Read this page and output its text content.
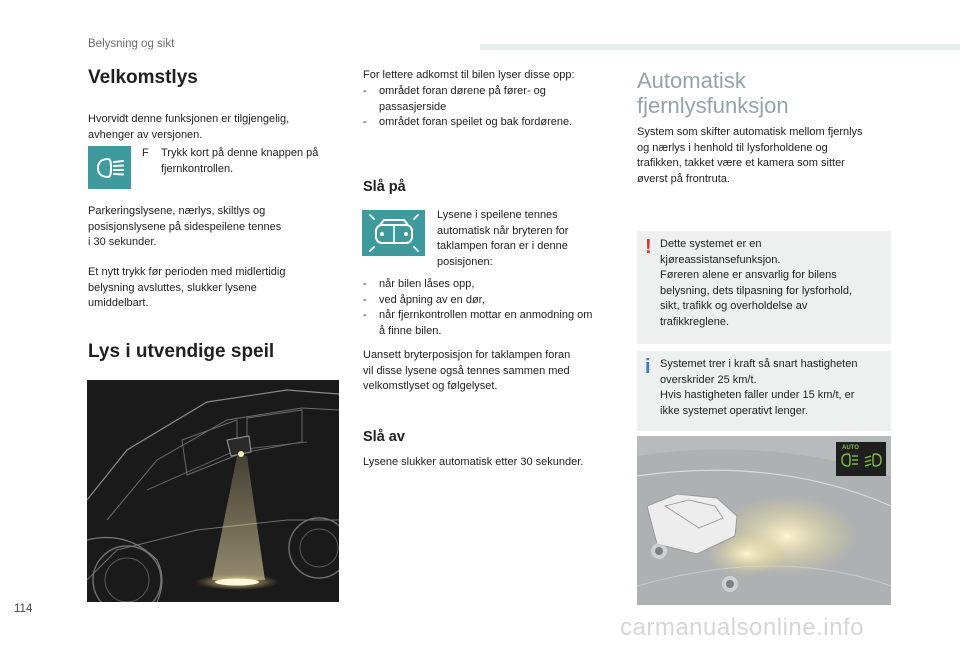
Belysning og sikt
Velkomstlys
Hvorvidt denne funksjonen er tilgjengelig,
avhenger av versjonen.
F Trykk kort på denne knappen på
fjernkontrollen.
Parkeringslysene, nærlys, skiltlys og
posisjonslysene på sidespeilene tennes
i 30 sekunder.
Et nytt trykk før perioden med midlertidig
belysning avsluttes, slukker lysene
umiddelbart.
Lys i utvendige speil
For lettere adkomst til bilen lyser disse opp:
-	området foran dørene på fører- og
passasjerside
-	området foran speilet og bak fordørene.
Slå på
Lysene i speilene tennes
automatisk når bryteren for
taklampen foran er i denne
posisjonen:
-	når bilen låses opp,
-	ved åpning av en dør,
-	når fjernkontrollen mottar en anmodning om
å finne bilen.
Uansett bryterposisjon for taklampen foran
vil disse lysene også tennes sammen med
velkomstlyset og følgelyset.
Slå av
Lysene slukker automatisk etter 30 sekunder.
Automatisk
fjernlysfunksjon
System som skifter automatisk mellom fjernlys
og nærlys i henhold til lysforholdene og
trafikken, takket være et kamera som sitter
øverst på frontruta.
! Dette systemet er en
kjøreassistansefunksjon.
Føreren alene er ansvarlig for bilens
belysning, dets tilpasning for lysforhold,
sikt, trafikk og overholdelse av
trafikkreglene.
i Systemet trer i kraft så snart hastigheten
overskrider 25 km/t.
Hvis hastigheten faller under 15 km/t, er
ikke systemet operativt lenger.
AUTO
114
carmanualsonline.info
